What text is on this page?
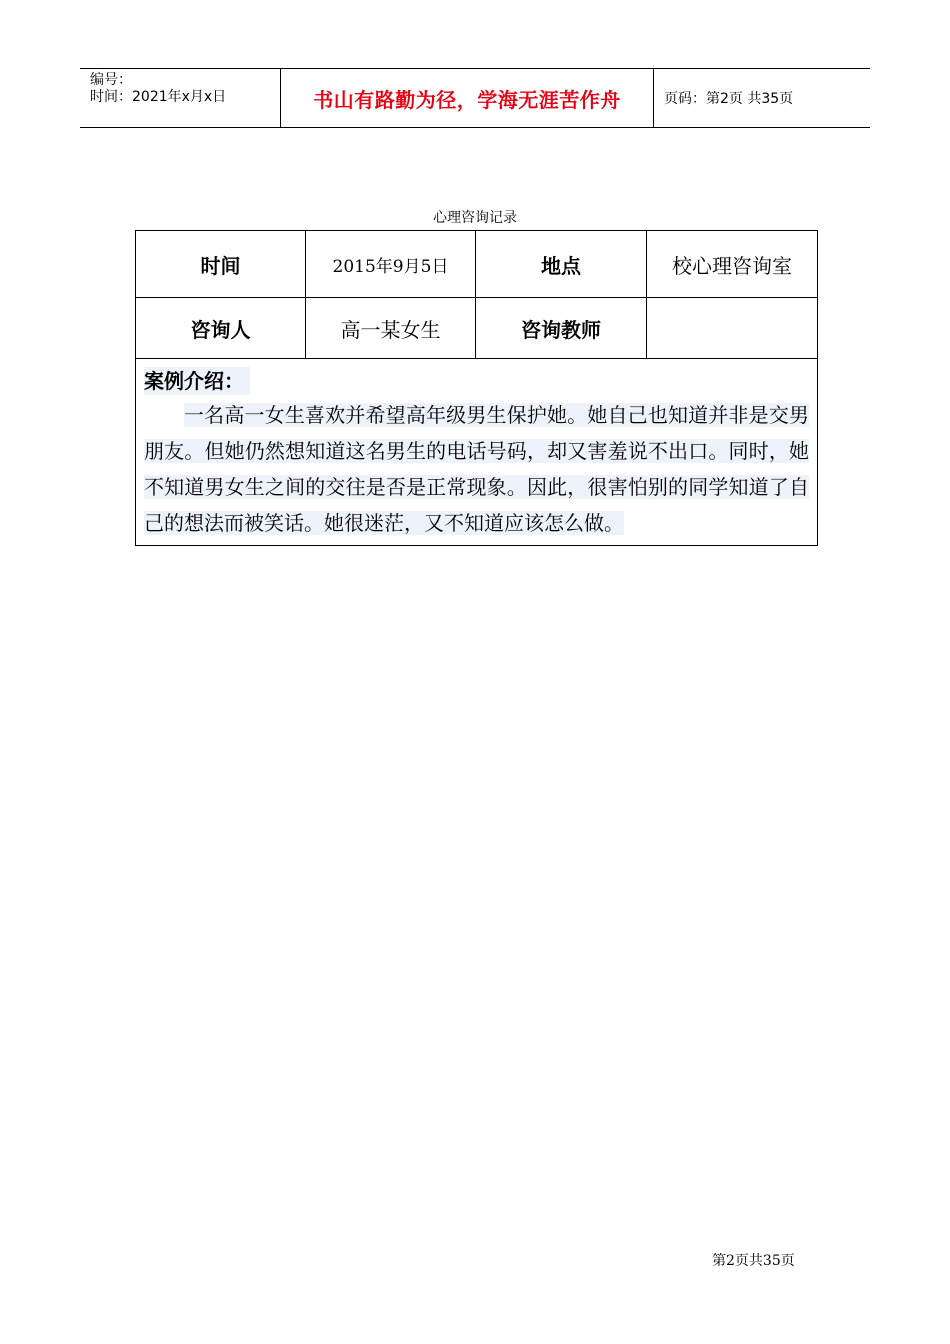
编号：
时间：2021年x月x日	书山有路勤为径，学海无涯苦作舟	页码：第2页 共35页
心理咨询记录
时间	2015年9月5日	地点	校心理咨询室
咨询人	高一某女生	咨询教师	
案例介绍：
一名高一女生喜欢并希望高年级男生保护她。她自己也知道并非是交男朋友。但她仍然想知道这名男生的电话号码，却又害羞说不出口。同时，她不知道男女生之间的交往是否是正常现象。因此，很害怕别的同学知道了自己的想法而被笑话。她很迷茫，又不知道应该怎么做。			
第2页共35页
